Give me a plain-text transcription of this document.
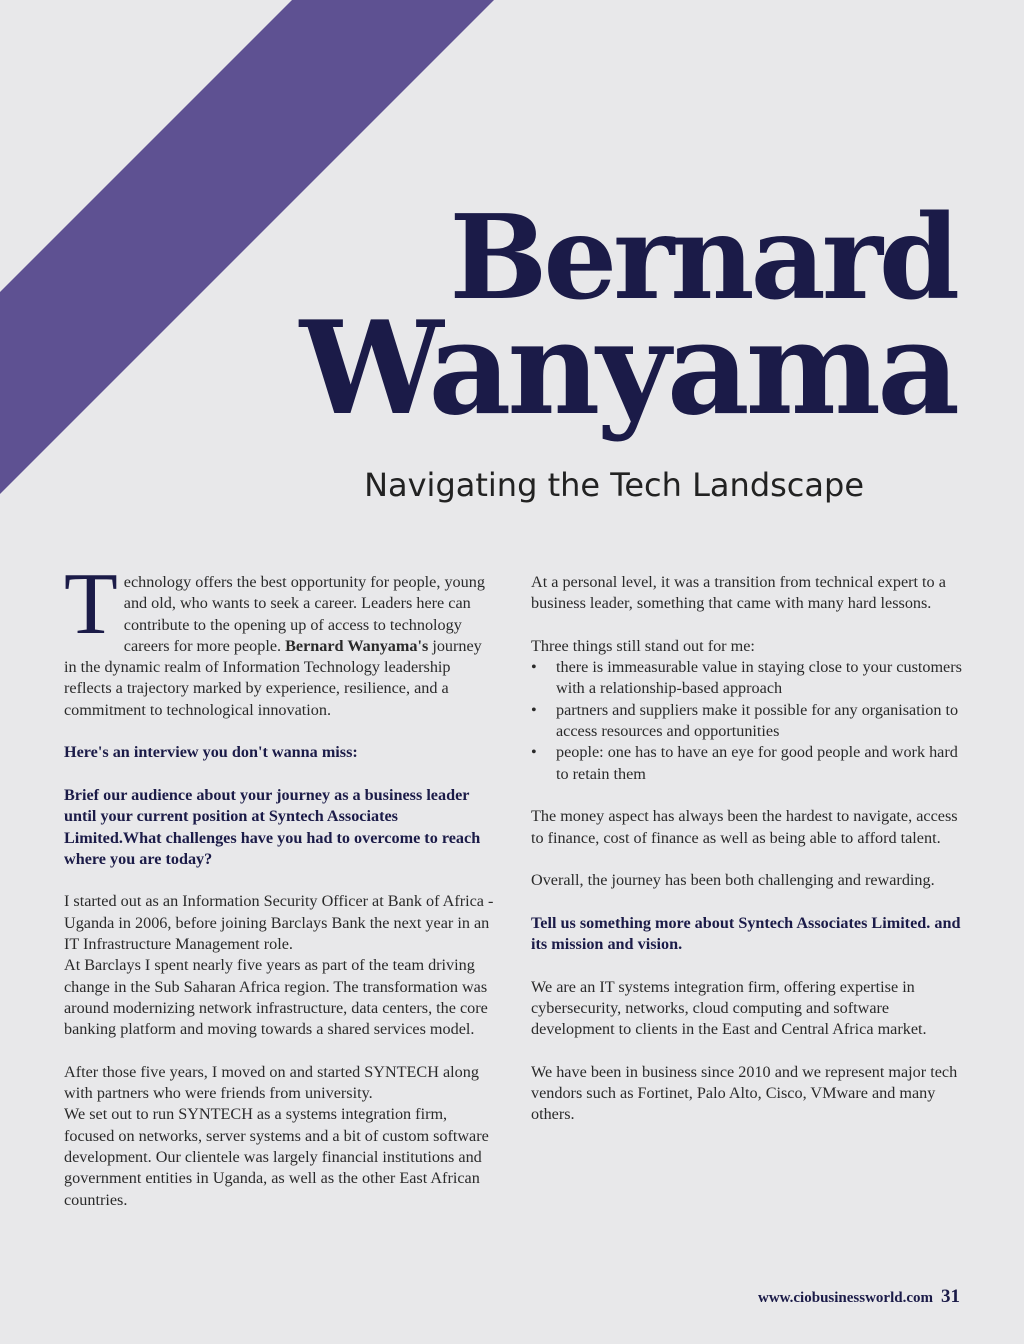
Bernard
Wanyama
Navigating the Tech Landscape

Technology offers the best opportunity for people, young and old, who wants to seek a career. Leaders here can contribute to the opening up of access to technology careers for more people. Bernard Wanyama's journey in the dynamic realm of Information Technology leadership reflects a trajectory marked by experience, resilience, and a commitment to technological innovation.

Here's an interview you don't wanna miss:

Brief our audience about your journey as a business leader until your current position at Syntech Associates Limited.What challenges have you had to overcome to reach where you are today?

I started out as an Information Security Officer at Bank of Africa - Uganda in 2006, before joining Barclays Bank the next year in an IT Infrastructure Management role.
At Barclays I spent nearly five years as part of the team driving change in the Sub Saharan Africa region. The transformation was around modernizing network infrastructure, data centers, the core banking platform and moving towards a shared services model.

After those five years, I moved on and started SYNTECH along with partners who were friends from university.
We set out to run SYNTECH as a systems integration firm, focused on networks, server systems and a bit of custom software development. Our clientele was largely financial institutions and government entities in Uganda, as well as the other East African countries.

At a personal level, it was a transition from technical expert to a business leader, something that came with many hard lessons.

Three things still stand out for me:
• there is immeasurable value in staying close to your customers with a relationship-based approach
• partners and suppliers make it possible for any organisation to access resources and opportunities
• people: one has to have an eye for good people and work hard to retain them

The money aspect has always been the hardest to navigate, access to finance, cost of finance as well as being able to afford talent.

Overall, the journey has been both challenging and rewarding.

Tell us something more about Syntech Associates Limited. and its mission and vision.

We are an IT systems integration firm, offering expertise in cybersecurity, networks, cloud computing and software development to clients in the East and Central Africa market.

We have been in business since 2010 and we represent major tech vendors such as Fortinet, Palo Alto, Cisco, VMware and many others.

www.ciobusinessworld.com 31
